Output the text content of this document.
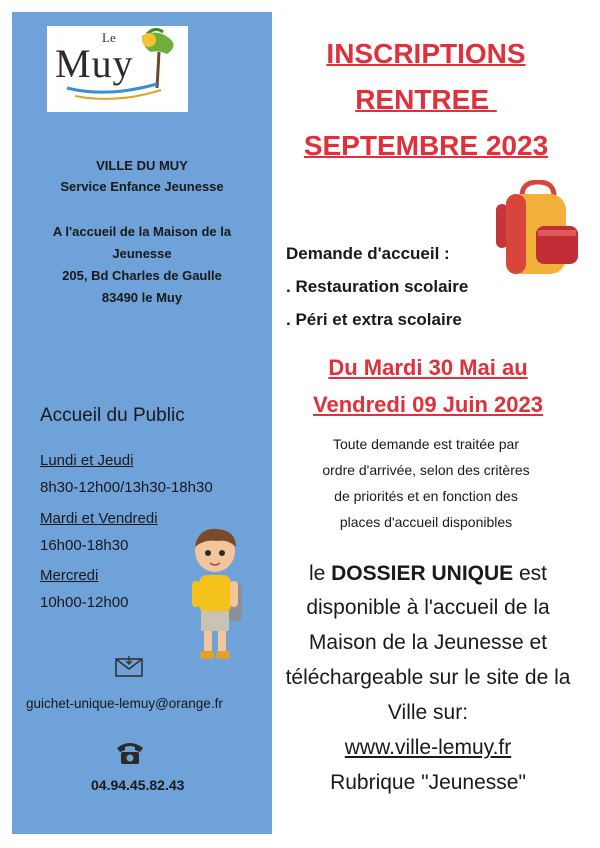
Le
Muy
VILLE DU MUY
Service Enfance Jeunesse
A l'accueil de la Maison de la
Jeunesse
205, Bd Charles de Gaulle
83490 le Muy
Accueil du Public
Lundi et Jeudi
8h30-12h00/13h30-18h30
Mardi et Vendredi
16h00-18h30
Mercredi
10h00-12h00
guichet-unique-lemuy@orange.fr
04.94.45.82.43
INSCRIPTIONS
RENTREE
SEPTEMBRE 2023
Demande d'accueil :
. Restauration scolaire
. Péri et extra scolaire
Du Mardi 30 Mai au
Vendredi 09 Juin 2023
Toute demande est traitée par
ordre d'arrivée, selon des critères
de priorités et en fonction des
places d'accueil disponibles
le DOSSIER UNIQUE est
disponible à l'accueil de la
Maison de la Jeunesse et
téléchargeable sur le site de la
Ville sur:
www.ville-lemuy.fr
Rubrique "Jeunesse"
